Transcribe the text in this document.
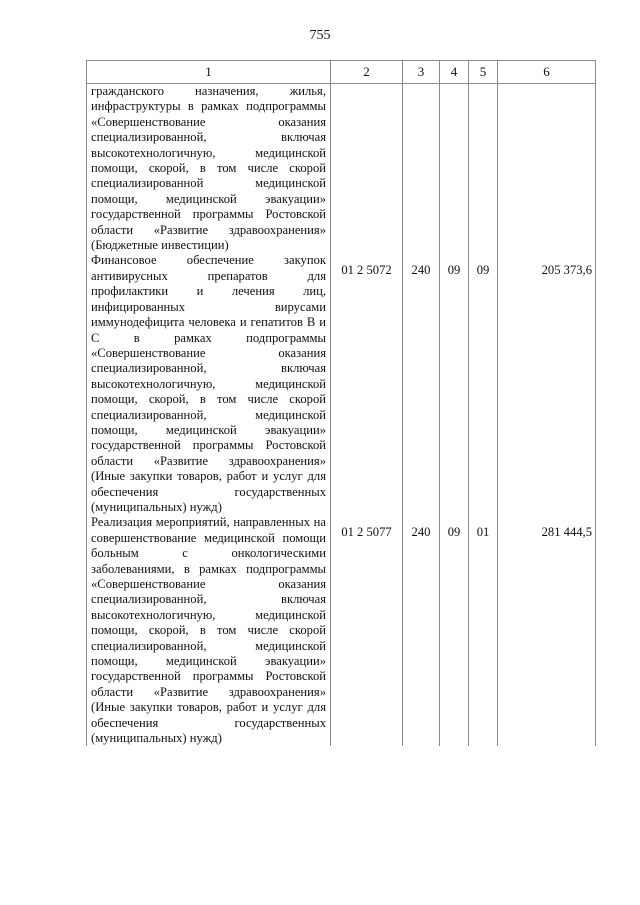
755
1	2	3	4	5	6
гражданского назначения, жилья, инфраструктуры в рамках подпрограммы «Совершенствование оказания специализированной, включая высокотехнологичную, медицинской помощи, скорой, в том числе скорой специализированной медицинской помощи, медицинской эвакуации» государственной программы Ростовской области «Развитие здравоохранения» (Бюджетные инвестиции)					
Финансовое обеспечение закупок антивирусных препаратов для профилактики и лечения лиц, инфицированных вирусами иммунодефицита человека и гепатитов В и С в рамках подпрограммы «Совершенствование оказания специализированной, включая высокотехнологичную, медицинской помощи, скорой, в том числе скорой специализированной, медицинской помощи, медицинской эвакуации» государственной программы Ростовской области «Развитие здравоохранения» (Иные закупки товаров, работ и услуг для обеспечения государственных (муниципальных) нужд)	01 2 5072	240	09	09	205 373,6
Реализация мероприятий, направленных на совершенствование медицинской помощи больным с онкологическими заболеваниями, в рамках подпрограммы «Совершенствование оказания специализированной, включая высокотехнологичную, медицинской помощи, скорой, в том числе скорой специализированной, медицинской помощи, медицинской эвакуации» государственной программы Ростовской области «Развитие здравоохранения» (Иные закупки товаров, работ и услуг для обеспечения государственных (муниципальных) нужд)	01 2 5077	240	09	01	281 444,5
